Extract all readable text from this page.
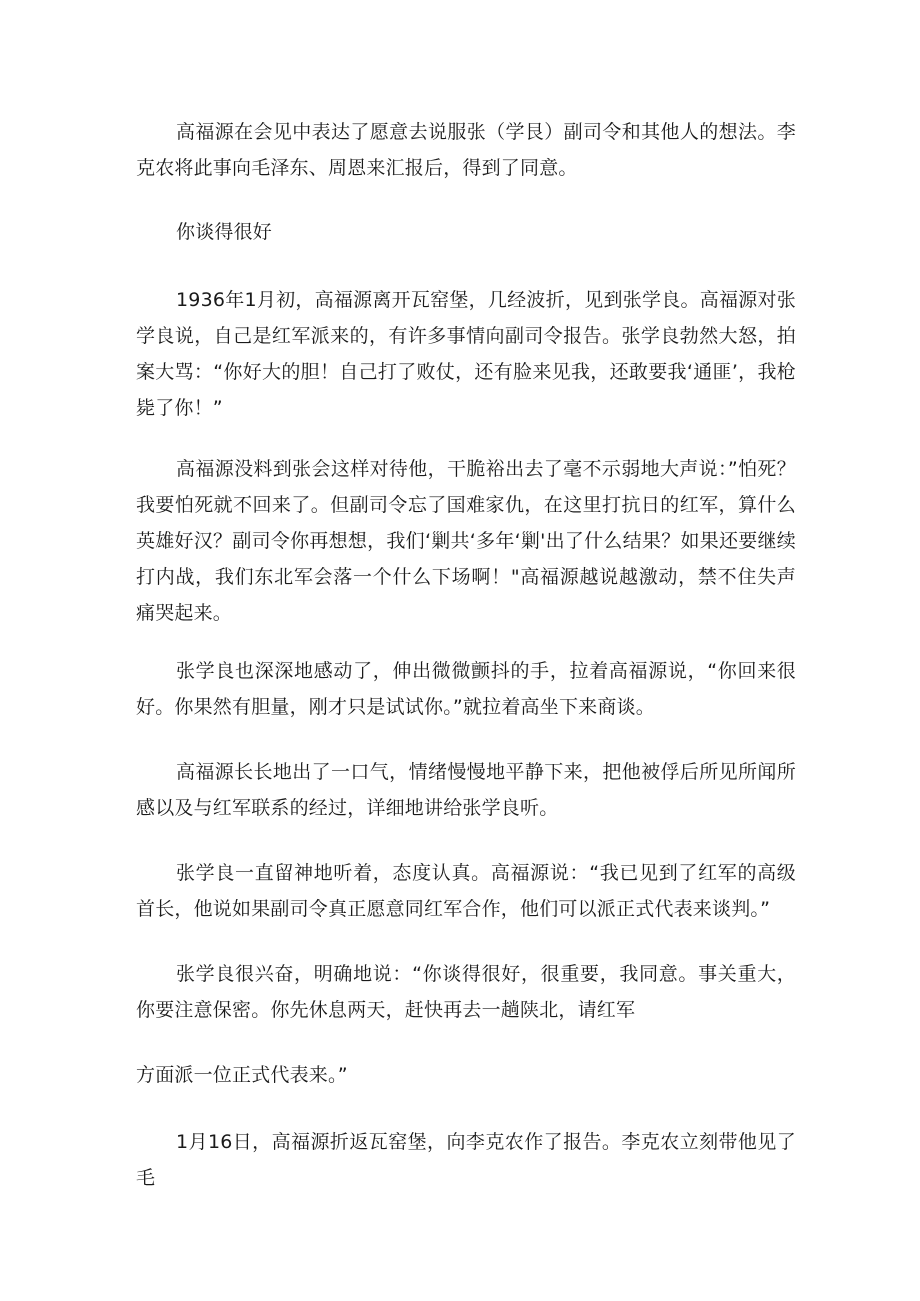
高福源在会见中表达了愿意去说服张（学艮）副司令和其他人的想法。李克农将此事向毛泽东、周恩来汇报后，得到了同意。

你谈得很好

1936年1月初，高福源离开瓦窑堡，几经波折，见到张学良。高福源对张学良说，自己是红军派来的，有许多事情向副司令报告。张学良勃然大怒，拍案大骂：“你好大的胆！自己打了败仗，还有脸来见我，还敢要我‘通匪’，我枪毙了你！”

高福源没料到张会这样对待他，干脆裕出去了毫不示弱地大声说：”怕死？我要怕死就不回来了。但副司令忘了国难家仇，在这里打抗日的红军，算什么英雄好汉？副司令你再想想，我们‘剿共‘多年‘剿'出了什么结果？如果还要继续打内战，我们东北军会落一个什么下场啊！"高福源越说越激动，禁不住失声痛哭起来。

张学良也深深地感动了，伸出微微颤抖的手，拉着高福源说，“你回来很好。你果然有胆量，刚才只是试试你。”就拉着高坐下来商谈。

高福源长长地出了一口气，情绪慢慢地平静下来，把他被俘后所见所闻所感以及与红军联系的经过，详细地讲给张学良听。

张学良一直留神地听着，态度认真。高福源说：“我已见到了红军的高级首长，他说如果副司令真正愿意同红军合作，他们可以派正式代表来谈判。”

张学良很兴奋，明确地说：“你谈得很好，很重要，我同意。事关重大，你要注意保密。你先休息两天，赶快再去一趟陕北，请红军

方面派一位正式代表来。”

1月16日，高福源折返瓦窑堡，向李克农作了报告。李克农立刻带他见了毛
